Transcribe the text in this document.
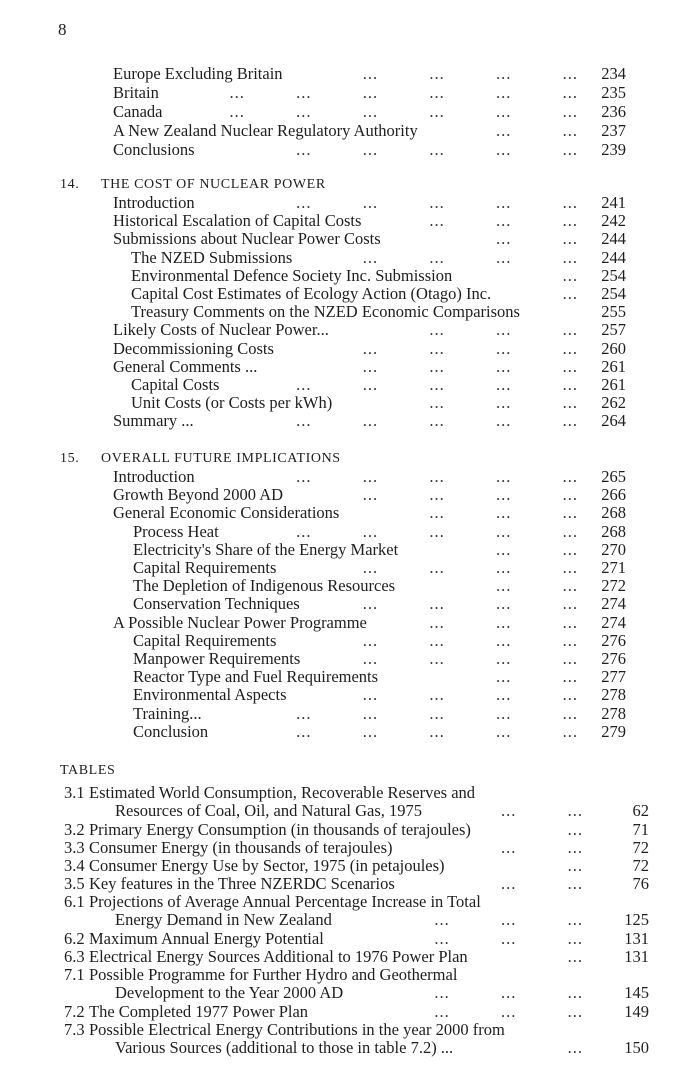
8
Europe Excluding Britain	...          ...          ...          ...	234
Britain	...          ...          ...          ...          ...          ...	235
Canada	...          ...          ...          ...          ...          ...	236
A New Zealand Nuclear Regulatory Authority	...          ...	237
Conclusions	...          ...          ...          ...          ...	239
14. THE COST OF NUCLEAR POWER
Introduction	...          ...          ...          ...          ...	241
Historical Escalation of Capital Costs	...          ...          ...	242
Submissions about Nuclear Power Costs	...          ...	244
The NZED Submissions	...          ...          ...          ...	244
Environmental Defence Society Inc. Submission	...	254
Capital Cost Estimates of Ecology Action (Otago) Inc.	...	254
Treasury Comments on the NZED Economic Comparisons	255
Likely Costs of Nuclear Power...	...          ...          ...	257
Decommissioning Costs	...          ...          ...          ...	260
General Comments ...	...          ...          ...          ...	261
Capital Costs	...          ...          ...          ...          ...	261
Unit Costs (or Costs per kWh)	...          ...          ...	262
Summary ...	...          ...          ...          ...          ...	264
15. OVERALL FUTURE IMPLICATIONS
Introduction	...          ...          ...          ...          ...	265
Growth Beyond 2000 AD	...          ...          ...          ...	266
General Economic Considerations	...          ...          ...	268
Process Heat	...          ...          ...          ...          ...	268
Electricity's Share of the Energy Market	...          ...	270
Capital Requirements	...          ...          ...          ...	271
The Depletion of Indigenous Resources	...          ...	272
Conservation Techniques	...          ...          ...          ...	274
A Possible Nuclear Power Programme	...          ...          ...	274
Capital Requirements	...          ...          ...          ...	276
Manpower Requirements	...          ...          ...          ...	276
Reactor Type and Fuel Requirements	...          ...	277
Environmental Aspects	...          ...          ...          ...	278
Training...	...          ...          ...          ...          ...	278
Conclusion	...          ...          ...          ...          ...	279
TABLES
3.1 Estimated World Consumption, Recoverable Reserves and
Resources of Coal, Oil, and Natural Gas, 1975	...          ...	62
3.2 Primary Energy Consumption (in thousands of terajoules)	...	71
3.3 Consumer Energy (in thousands of terajoules)	...          ...	72
3.4 Consumer Energy Use by Sector, 1975 (in petajoules)	...	72
3.5 Key features in the Three NZERDC Scenarios	...          ...	76
6.1 Projections of Average Annual Percentage Increase in Total
Energy Demand in New Zealand	...          ...          ...	125
6.2 Maximum Annual Energy Potential	...          ...          ...	131
6.3 Electrical Energy Sources Additional to 1976 Power Plan	...	131
7.1 Possible Programme for Further Hydro and Geothermal
Development to the Year 2000 AD	...          ...          ...	145
7.2 The Completed 1977 Power Plan	...          ...          ...	149
7.3 Possible Electrical Energy Contributions in the year 2000 from
Various Sources (additional to those in table 7.2) ...	...	150
